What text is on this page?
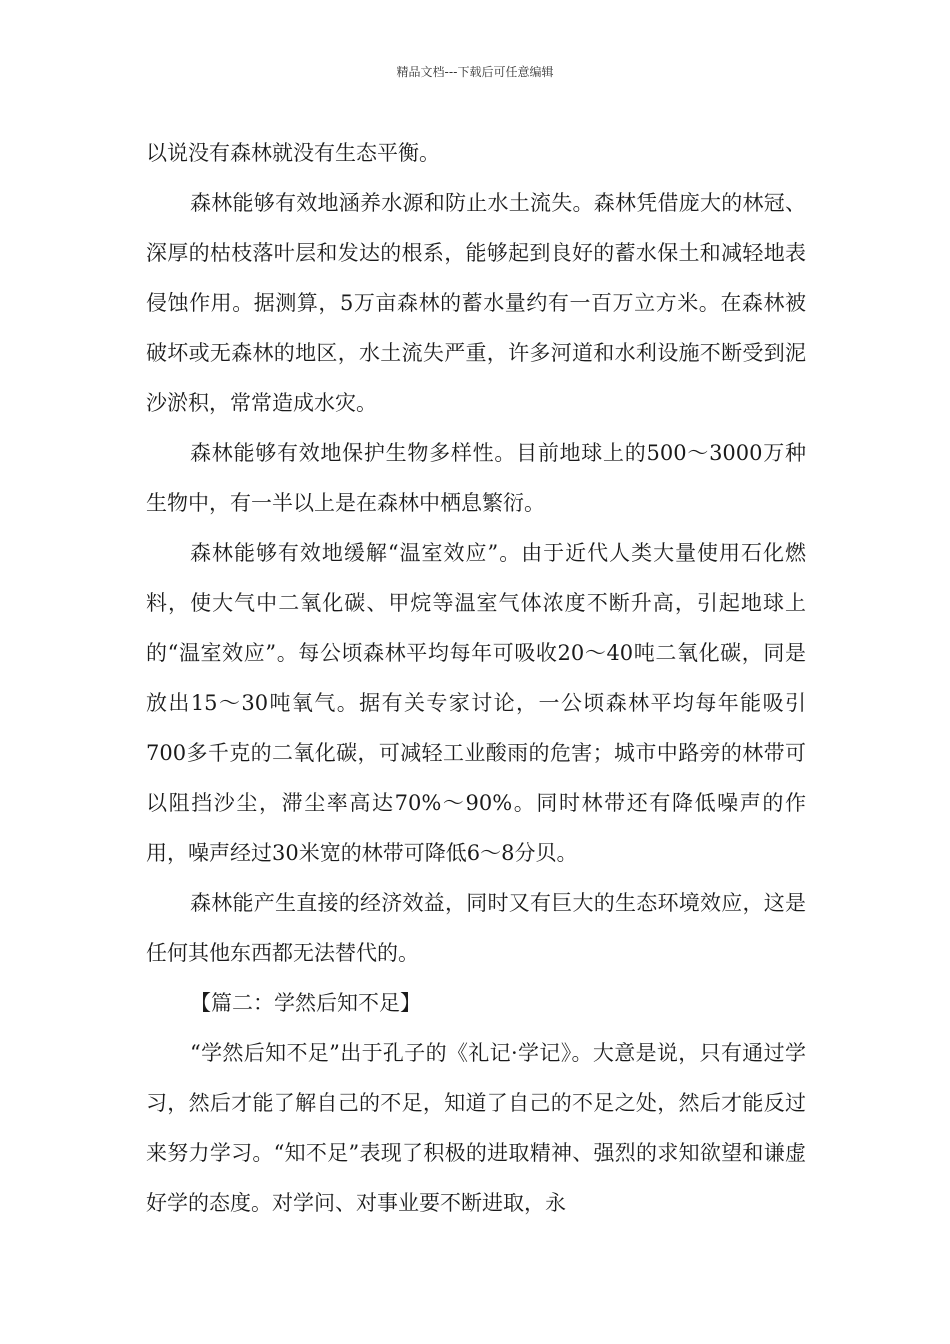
精品文档---下载后可任意编辑

以说没有森林就没有生态平衡。

森林能够有效地涵养水源和防止水土流失。森林凭借庞大的林冠、深厚的枯枝落叶层和发达的根系，能够起到良好的蓄水保土和减轻地表侵蚀作用。据测算，5万亩森林的蓄水量约有一百万立方米。在森林被破坏或无森林的地区，水土流失严重，许多河道和水利设施不断受到泥沙淤积，常常造成水灾。

森林能够有效地保护生物多样性。目前地球上的500～3000万种生物中，有一半以上是在森林中栖息繁衍。

森林能够有效地缓解“温室效应”。由于近代人类大量使用石化燃料，使大气中二氧化碳、甲烷等温室气体浓度不断升高，引起地球上的“温室效应”。每公顷森林平均每年可吸收20～40吨二氧化碳，同是放出15～30吨氧气。据有关专家讨论，一公顷森林平均每年能吸引700多千克的二氧化碳，可减轻工业酸雨的危害；城市中路旁的林带可以阻挡沙尘，滞尘率高达70%～90%。同时林带还有降低噪声的作用，噪声经过30米宽的林带可降低6～8分贝。

森林能产生直接的经济效益，同时又有巨大的生态环境效应，这是任何其他东西都无法替代的。

【篇二：学然后知不足】

“学然后知不足”出于孔子的《礼记·学记》。大意是说，只有通过学习，然后才能了解自己的不足，知道了自己的不足之处，然后才能反过来努力学习。“知不足”表现了积极的进取精神、强烈的求知欲望和谦虚好学的态度。对学问、对事业要不断进取，永
